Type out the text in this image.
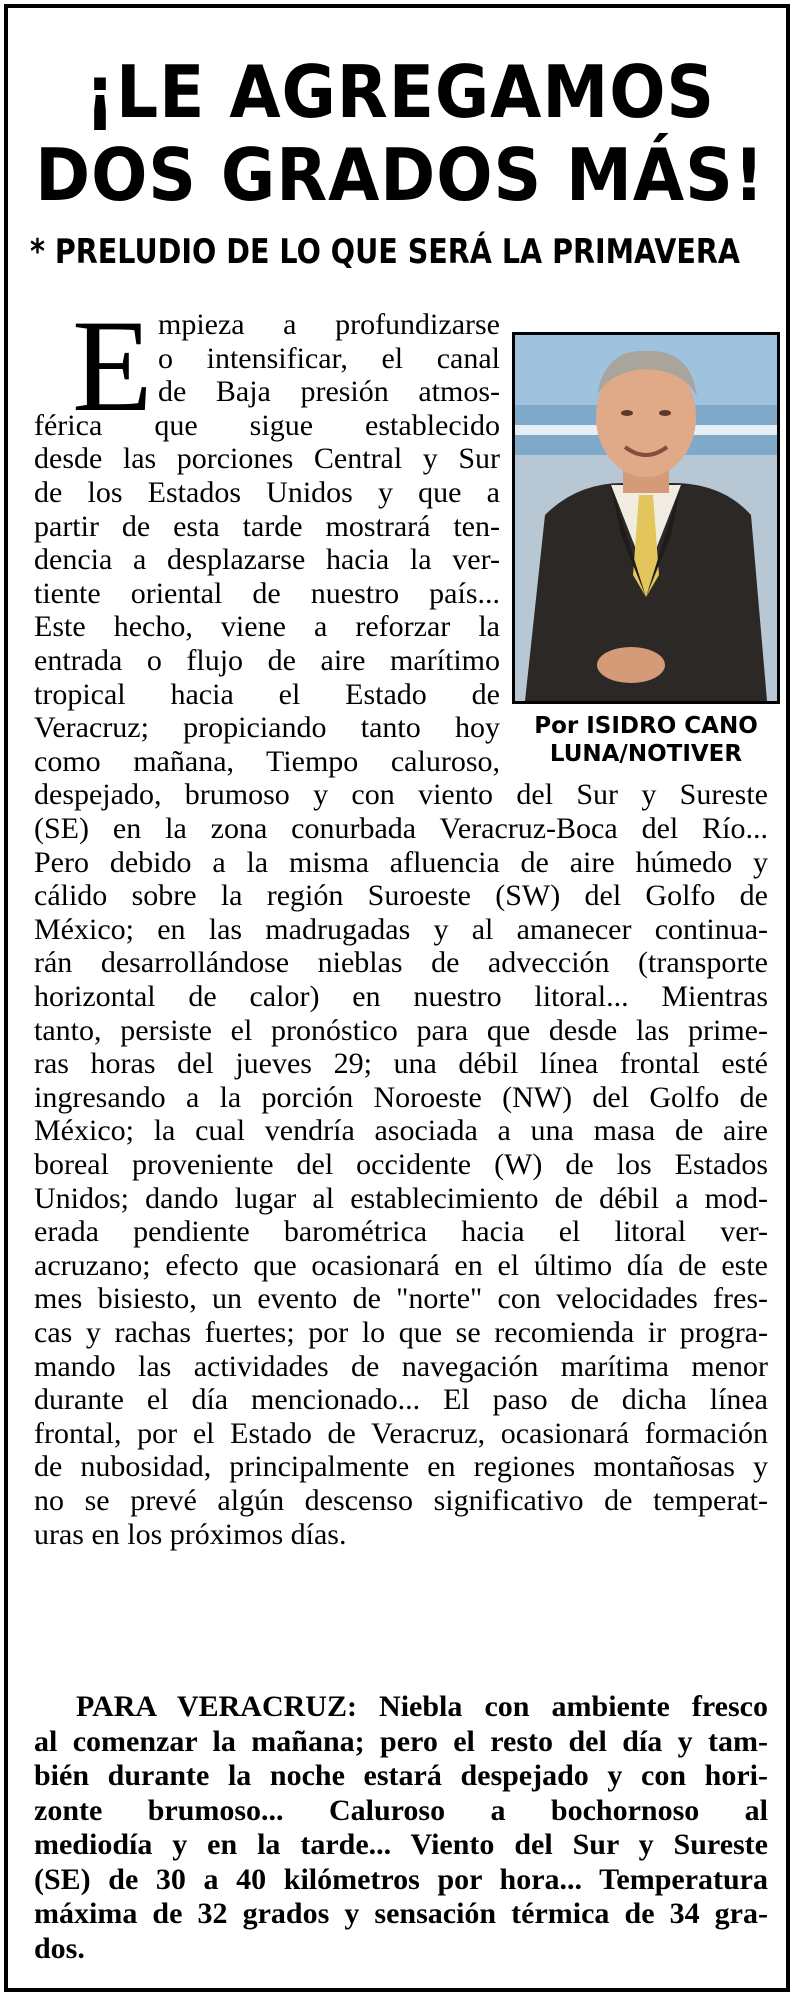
¡LE AGREGAMOS
DOS GRADOS MÁS!
* PRELUDIO DE LO QUE SERÁ LA PRIMAVERA
Por ISIDRO CANO
LUNA/NOTIVER
E mpieza a profundizarse
o intensificar, el canal
de Baja presión atmos-
férica que sigue establecido
desde las porciones Central y Sur
de los Estados Unidos y que a
partir de esta tarde mostrará ten-
dencia a desplazarse hacia la ver-
tiente oriental de nuestro país...
Este hecho, viene a reforzar la
entrada o flujo de aire marítimo
tropical hacia el Estado de
Veracruz; propiciando tanto hoy
como mañana, Tiempo caluroso,
despejado, brumoso y con viento del Sur y Sureste
(SE) en la zona conurbada Veracruz-Boca del Río...
Pero debido a la misma afluencia de aire húmedo y
cálido sobre la región Suroeste (SW) del Golfo de
México; en las madrugadas y al amanecer continua-
rán desarrollándose nieblas de advección (transporte
horizontal de calor) en nuestro litoral... Mientras
tanto, persiste el pronóstico para que desde las prime-
ras horas del jueves 29; una débil línea frontal esté
ingresando a la porción Noroeste (NW) del Golfo de
México; la cual vendría asociada a una masa de aire
boreal proveniente del occidente (W) de los Estados
Unidos; dando lugar al establecimiento de débil a mod-
erada pendiente barométrica hacia el litoral ver-
acruzano; efecto que ocasionará en el último día de este
mes bisiesto, un evento de "norte" con velocidades fres-
cas y rachas fuertes; por lo que se recomienda ir progra-
mando las actividades de navegación marítima menor
durante el día mencionado... El paso de dicha línea
frontal, por el Estado de Veracruz, ocasionará formación
de nubosidad, principalmente en regiones montañosas y
no se prevé algún descenso significativo de temperat-
uras en los próximos días.
PARA VERACRUZ: Niebla con ambiente fresco
al comenzar la mañana; pero el resto del día y tam-
bién durante la noche estará despejado y con hori-
zonte brumoso... Caluroso a bochornoso al
mediodía y en la tarde... Viento del Sur y Sureste
(SE) de 30 a 40 kilómetros por hora... Temperatura
máxima de 32 grados y sensación térmica de 34 gra-
dos.
